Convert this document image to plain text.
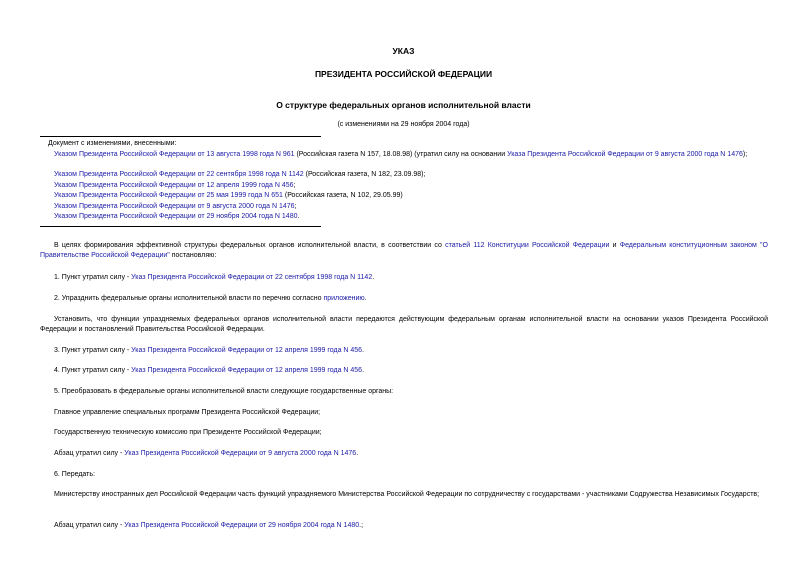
УКАЗ
ПРЕЗИДЕНТА РОССИЙСКОЙ ФЕДЕРАЦИИ
О структуре федеральных органов исполнительной власти
(с изменениями на 29 ноября 2004 года)
Документ с изменениями, внесенными:
Указом Президента Российской Федерации от 13 августа 1998 года N 961 (Российская газета N 157, 18.08.98) (утратил силу на основании Указа Президента Российской Федерации от 9 августа 2000 года N 1476);
Указом Президента Российской Федерации от 22 сентября 1998 года N 1142 (Российская газета, N 182, 23.09.98);
Указом Президента Российской Федерации от 12 апреля 1999 года N 456;
Указом Президента Российской Федерации от 25 мая 1999 года N 651 (Российская газета, N 102, 29.05.99)
Указом Президента Российской Федерации от 9 августа 2000 года N 1476;
Указом Президента Российской Федерации от 29 ноября 2004 года N 1480.
В целях формирования эффективной структуры федеральных органов исполнительной власти, в соответствии со статьей 112 Конституции Российской Федерации и Федеральным конституционным законом "О Правительстве Российской Федерации" постановляю:
1. Пункт утратил силу - Указ Президента Российской Федерации от 22 сентября 1998 года N 1142.
2. Упразднить федеральные органы исполнительной власти по перечню согласно приложению.
Установить, что функции упраздняемых федеральных органов исполнительной власти передаются действующим федеральным органам исполнительной власти на основании указов Президента Российской Федерации и постановлений Правительства Российской Федерации.
3. Пункт утратил силу - Указ Президента Российской Федерации от 12 апреля 1999 года N 456.
4. Пункт утратил силу - Указ Президента Российской Федерации от 12 апреля 1999 года N 456.
5. Преобразовать в федеральные органы исполнительной власти следующие государственные органы:
Главное управление специальных программ Президента Российской Федерации;
Государственную техническую комиссию при Президенте Российской Федерации;
Абзац утратил силу - Указ Президента Российской Федерации от 9 августа 2000 года N 1476.
6. Передать:
Министерству иностранных дел Российской Федерации часть функций упраздняемого Министерства Российской Федерации по сотрудничеству с государствами - участниками Содружества Независимых Государств;
Абзац утратил силу - Указ Президента Российской Федерации от 29 ноября 2004 года N 1480.;
